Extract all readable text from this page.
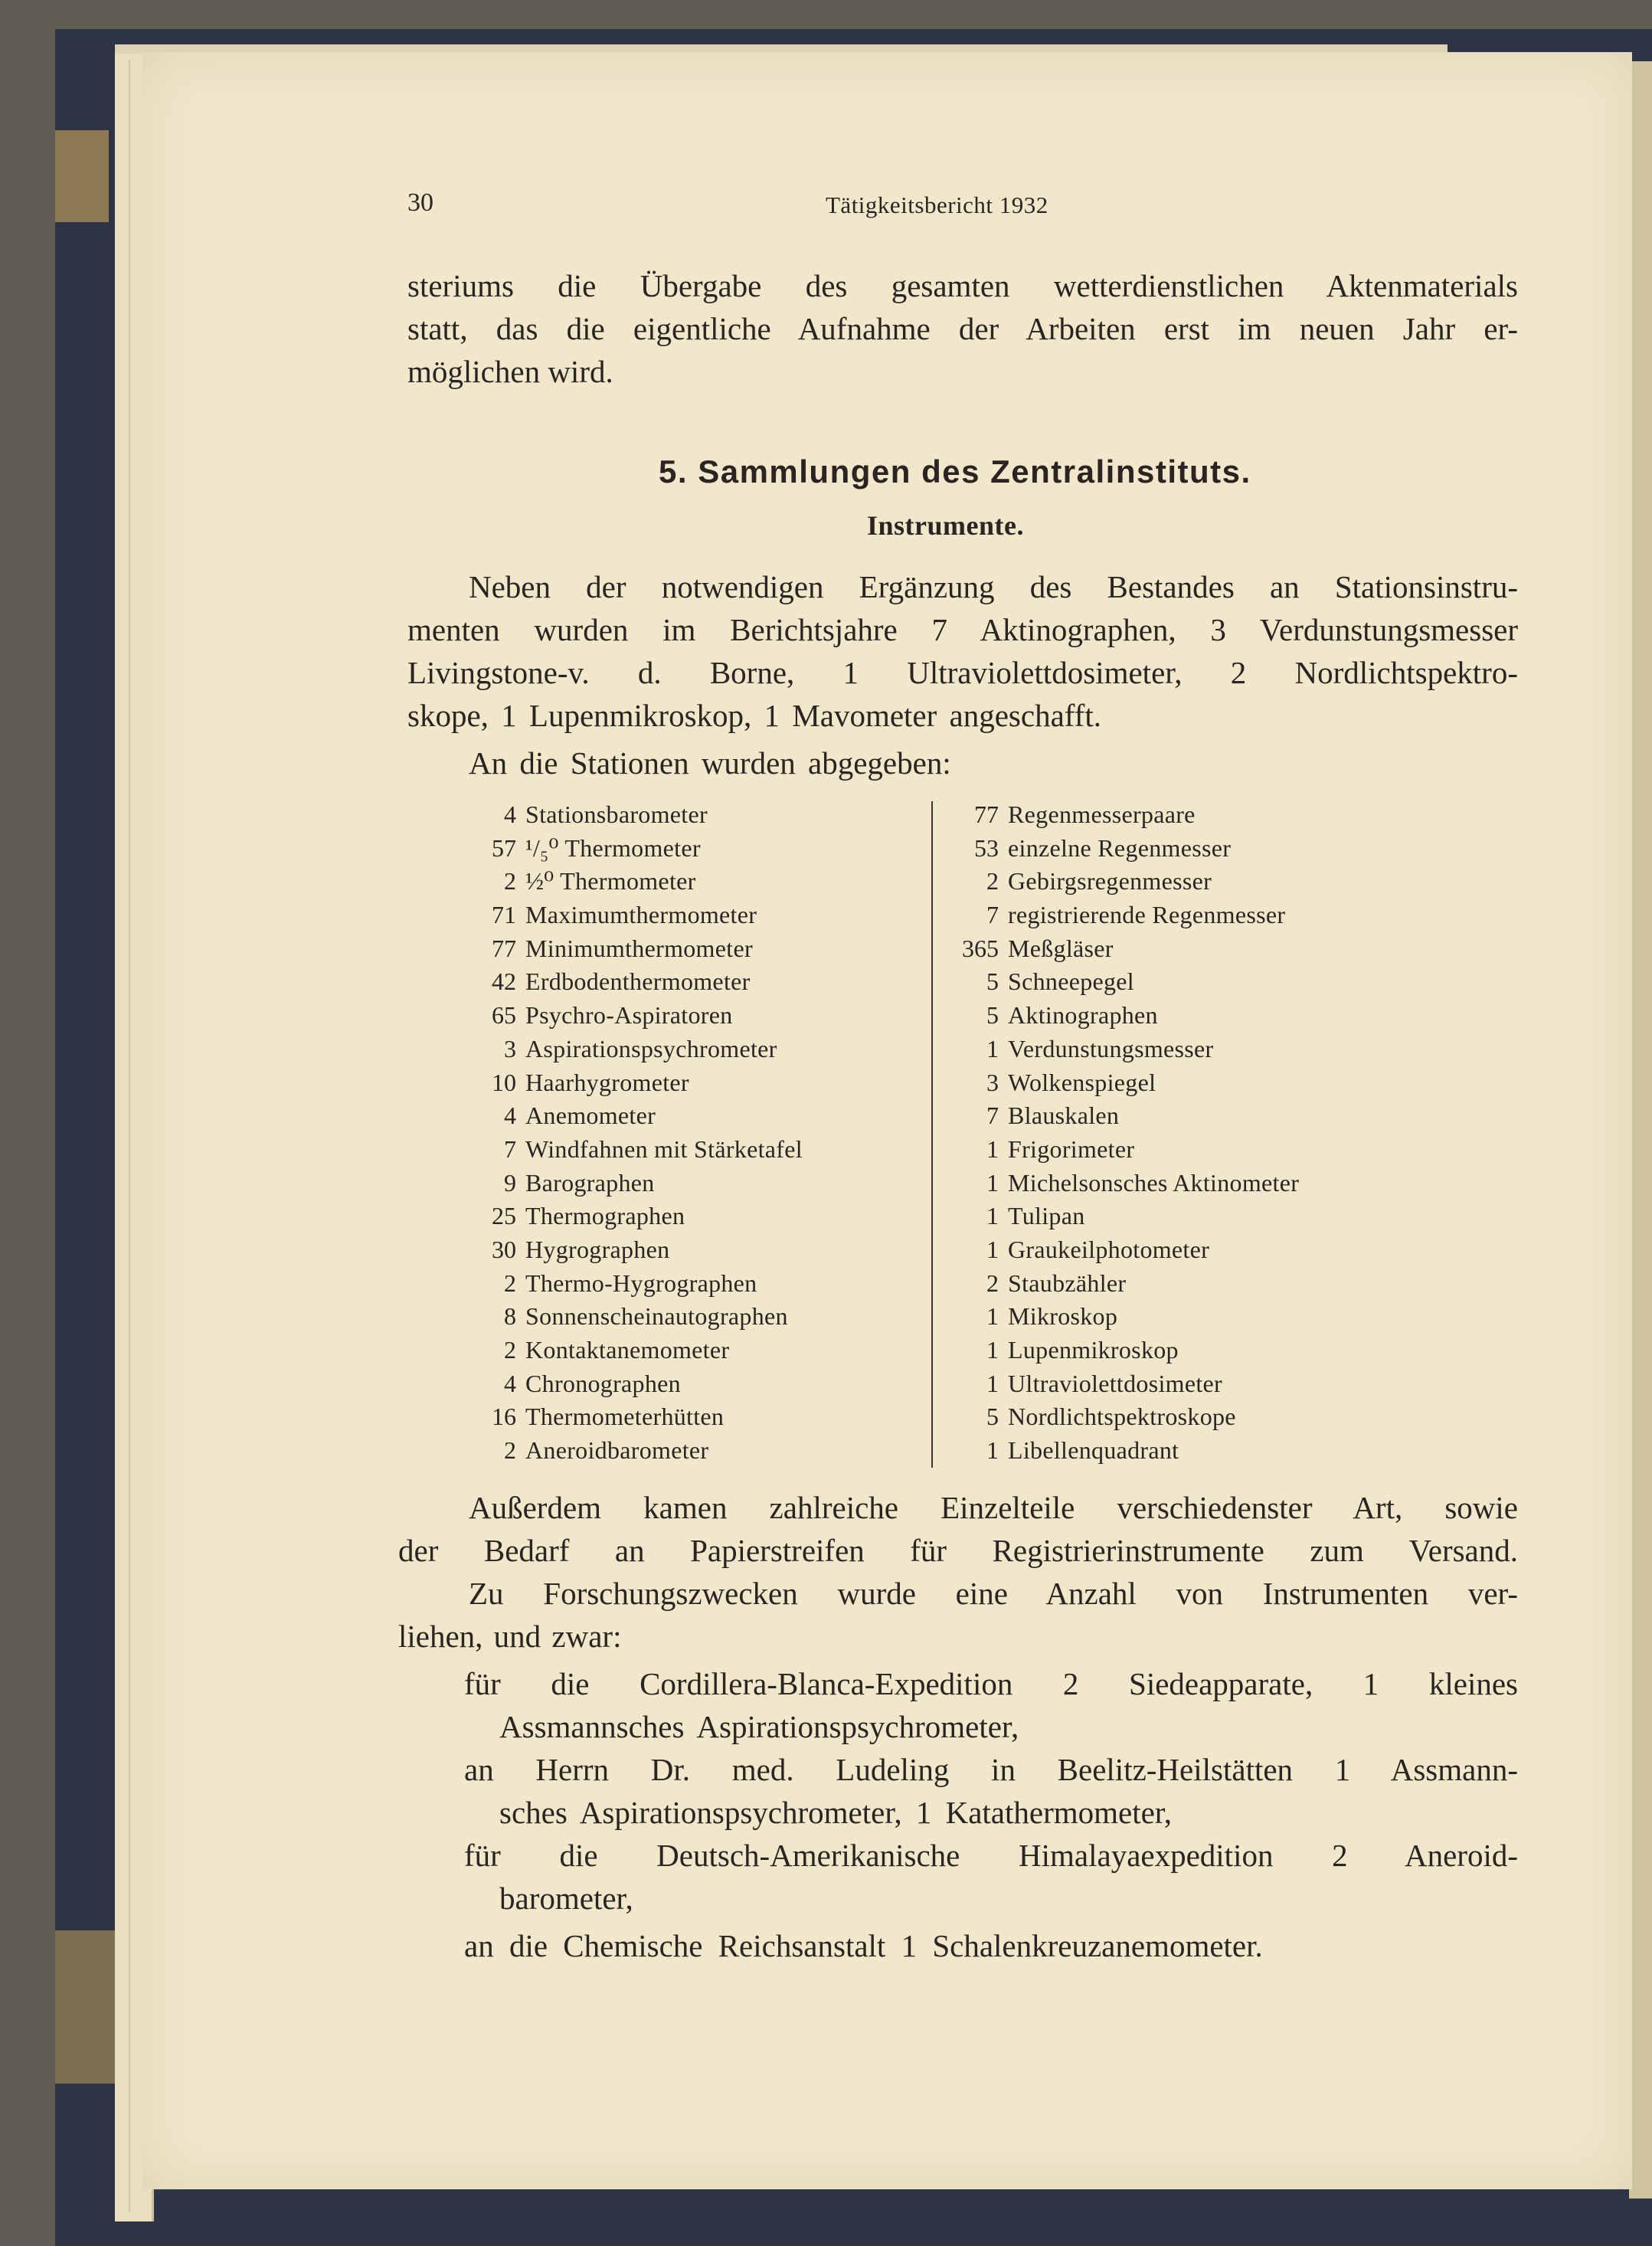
30	Tätigkeitsbericht 1932
steriums die Übergabe des gesamten wetterdienstlichen Aktenmaterials
statt, das die eigentliche Aufnahme der Arbeiten erst im neuen Jahr er-
möglichen wird.
5. Sammlungen des Zentralinstituts.
Instrumente.
Neben der notwendigen Ergänzung des Bestandes an Stationsinstru-
menten wurden im Berichtsjahre 7 Aktinographen, 3 Verdunstungsmesser
Livingstone-v. d. Borne, 1 Ultraviolettdosimeter, 2 Nordlichtspektro-
skope, 1 Lupenmikroskop, 1 Mavometer angeschafft.
An die Stationen wurden abgegeben:
4 Stationsbarometer
57 ¹/₅⁰ Thermometer
2 ½⁰ Thermometer
71 Maximumthermometer
77 Minimumthermometer
42 Erdbodenthermometer
65 Psychro-Aspiratoren
3 Aspirationspsychrometer
10 Haarhygrometer
4 Anemometer
7 Windfahnen mit Stärketafel
9 Barographen
25 Thermographen
30 Hygrographen
2 Thermo-Hygrographen
8 Sonnenscheinautographen
2 Kontaktanemometer
4 Chronographen
16 Thermometerhütten
2 Aneroidbarometer
77 Regenmesserpaare
53 einzelne Regenmesser
2 Gebirgsregenmesser
7 registrierende Regenmesser
365 Meßgläser
5 Schneepegel
5 Aktinographen
1 Verdunstungsmesser
3 Wolkenspiegel
7 Blauskalen
1 Frigorimeter
1 Michelsonsches Aktinometer
1 Tulipan
1 Graukeilphotometer
2 Staubzähler
1 Mikroskop
1 Lupenmikroskop
1 Ultraviolettdosimeter
5 Nordlichtspektroskope
1 Libellenquadrant
Außerdem kamen zahlreiche Einzelteile verschiedenster Art, sowie
der Bedarf an Papierstreifen für Registrierinstrumente zum Versand.
Zu Forschungszwecken wurde eine Anzahl von Instrumenten ver-
liehen, und zwar:
für die Cordillera-Blanca-Expedition 2 Siedeapparate, 1 kleines
Assmannsches Aspirationspsychrometer,
an Herrn Dr. med. Ludeling in Beelitz-Heilstätten 1 Assmann-
sches Aspirationspsychrometer, 1 Katathermometer,
für die Deutsch-Amerikanische Himalayaexpedition 2 Aneroid-
barometer,
an die Chemische Reichsanstalt 1 Schalenkreuzanemometer.
